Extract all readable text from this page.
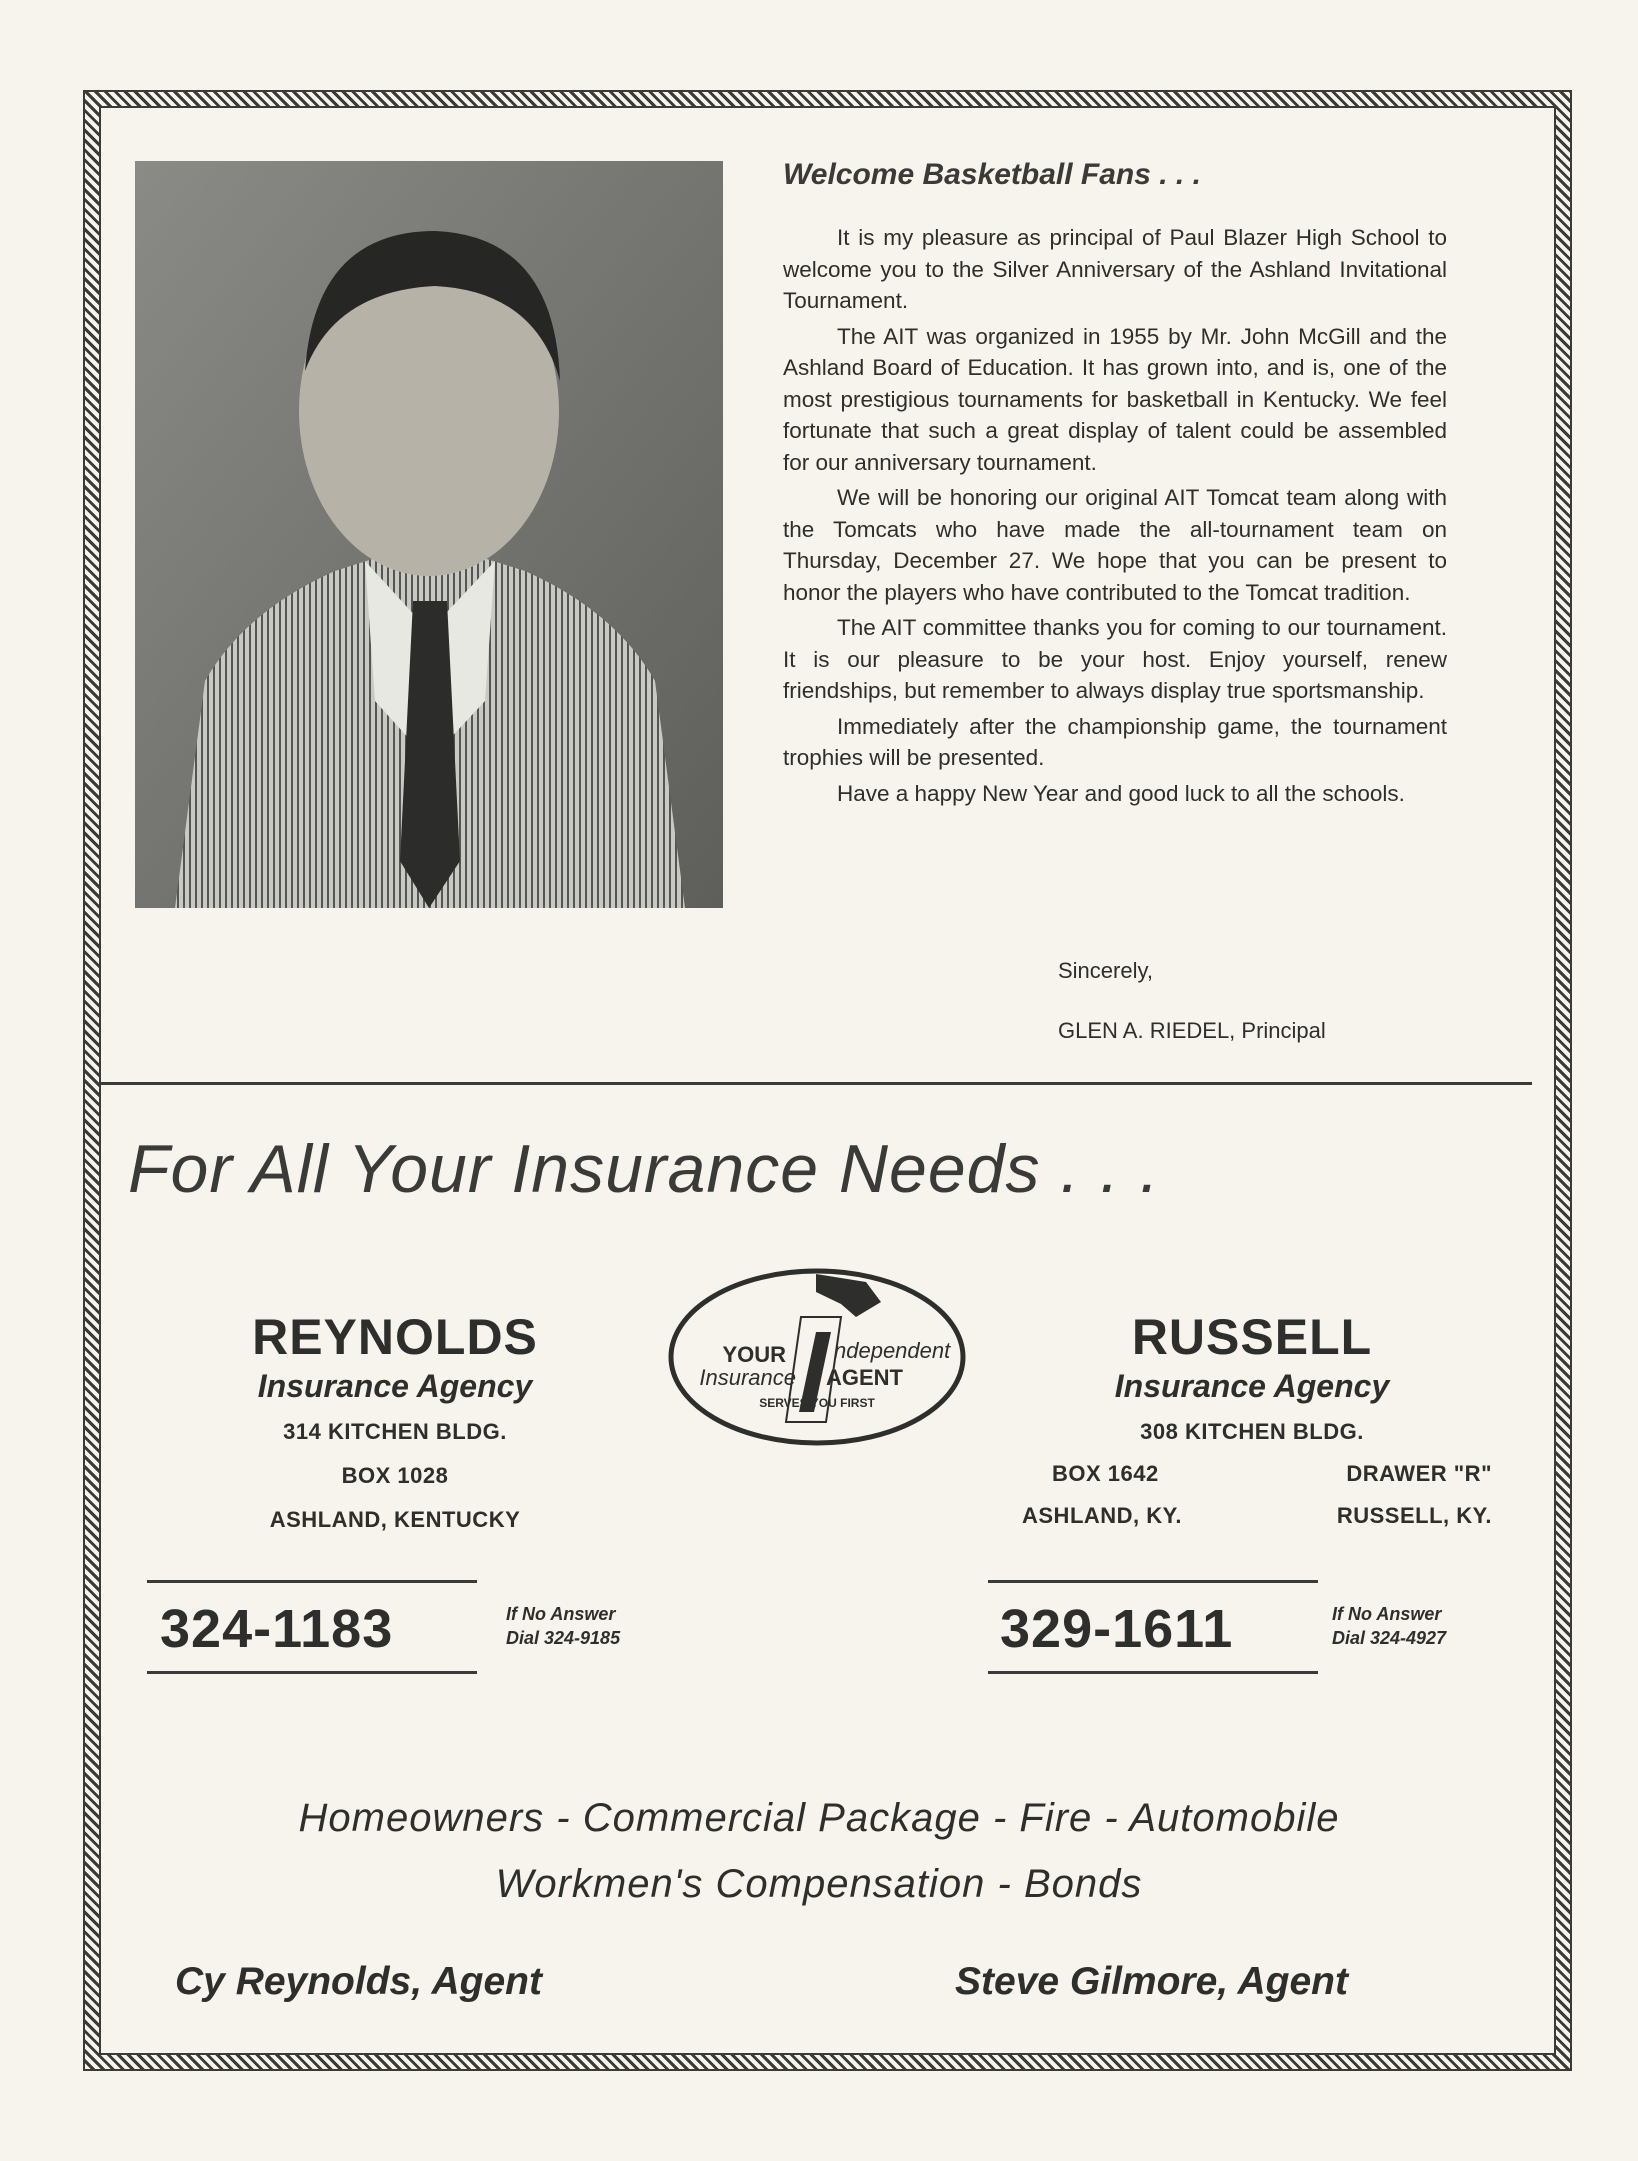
Welcome Basketball Fans . . .

It is my pleasure as principal of Paul Blazer High School to welcome you to the Silver Anniversary of the Ashland Invitational Tournament.

The AIT was organized in 1955 by Mr. John McGill and the Ashland Board of Education. It has grown into, and is, one of the most prestigious tournaments for basketball in Kentucky. We feel fortunate that such a great display of talent could be assembled for our anniversary tournament.

We will be honoring our original AIT Tomcat team along with the Tomcats who have made the all-tournament team on Thursday, December 27. We hope that you can be present to honor the players who have contributed to the Tomcat tradition.

The AIT committee thanks you for coming to our tournament. It is our pleasure to be your host. Enjoy yourself, renew friendships, but remember to always display true sportsmanship.

Immediately after the championship game, the tournament trophies will be presented.

Have a happy New Year and good luck to all the schools.

Sincerely,
GLEN A. RIEDEL, Principal
For All Your Insurance Needs . . .
REYNOLDS
Insurance Agency
314 KITCHEN BLDG.
BOX 1028
ASHLAND, KENTUCKY
RUSSELL
Insurance Agency
308 KITCHEN BLDG.
BOX 1642	DRAWER "R"
ASHLAND, KY.	RUSSELL, KY.
YOUR ndependent
Insurance AGENT
SERVES YOU FIRST
324-1183	If No Answer
Dial 324-9185	329-1611	If No Answer
Dial 324-4927
Homeowners - Commercial Package - Fire - Automobile
Workmen's Compensation - Bonds
Cy Reynolds, Agent	Steve Gilmore, Agent
